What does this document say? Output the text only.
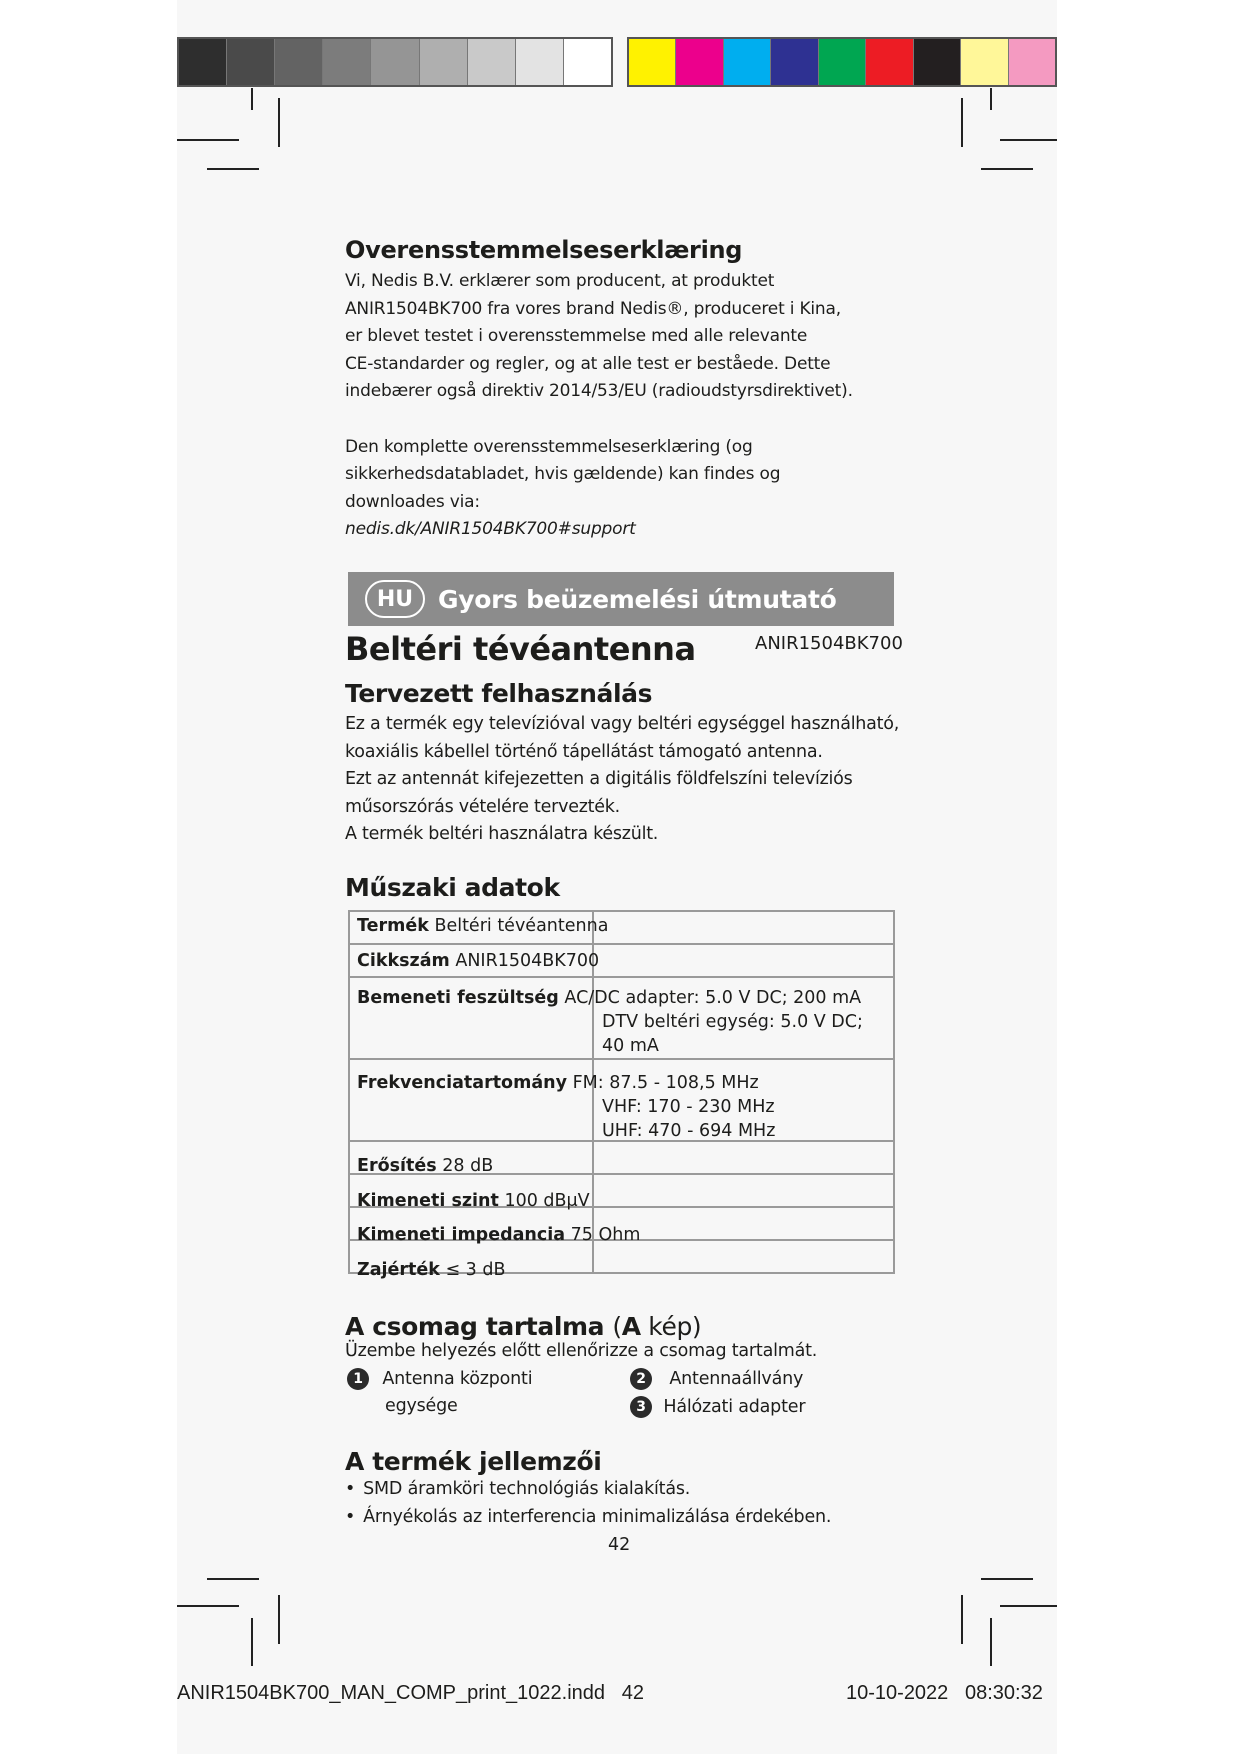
Overensstemmelseserklæring

Vi, Nedis B.V. erklærer som producent, at produktet
ANIR1504BK700 fra vores brand Nedis®, produceret i Kina,
er blevet testet i overensstemmelse med alle relevante
CE-standarder og regler, og at alle test er beståede. Dette
indebærer også direktiv 2014/53/EU (radioudstyrsdirektivet).

Den komplette overensstemmelseserklæring (og
sikkerhedsdatabladet, hvis gældende) kan findes og
downloades via:

nedis.dk/ANIR1504BK700#support

HU Gyors beüzemelési útmutató
Beltéri tévéantenna	ANIR1504BK700

Tervezett felhasználás
Ez a termék egy televízióval vagy beltéri egységgel használható,
koaxiális kábellel történő tápellátást támogató antenna.
Ezt az antennát kifejezetten a digitális földfelszíni televíziós
műsorszórás vételére tervezték.
A termék beltéri használatra készült.
Műszaki adatok

Termék Beltéri tévéantenna
Cikkszám ANIR1504BK700
Bemeneti feszültség AC/DC adapter: 5.0 V DC; 200 mA
DTV beltéri egység: 5.0 V DC;
40 mA
Frekvenciatartomány FM: 87.5 - 108,5 MHz
VHF: 170 - 230 MHz
UHF: 470 - 694 MHz
Erősítés 28 dB
Kimeneti szint 100 dBμV
Kimeneti impedancia 75 Ohm
Zajérték ≤ 3 dB
A csomag tartalma (A kép)

Üzembe helyezés előtt ellenőrizze a csomag tartalmát.

1 Antenna központi

egysége

2 Antennaállvány

3 Hálózati adapter

A termék jellemzői
• SMD áramköri technológiás kialakítás.
• Árnyékolás az interferencia minimalizálása érdekében.

42

ANIR1504BK700_MAN_COMP_print_1022.indd   42	10-10-2022   08:30:32
